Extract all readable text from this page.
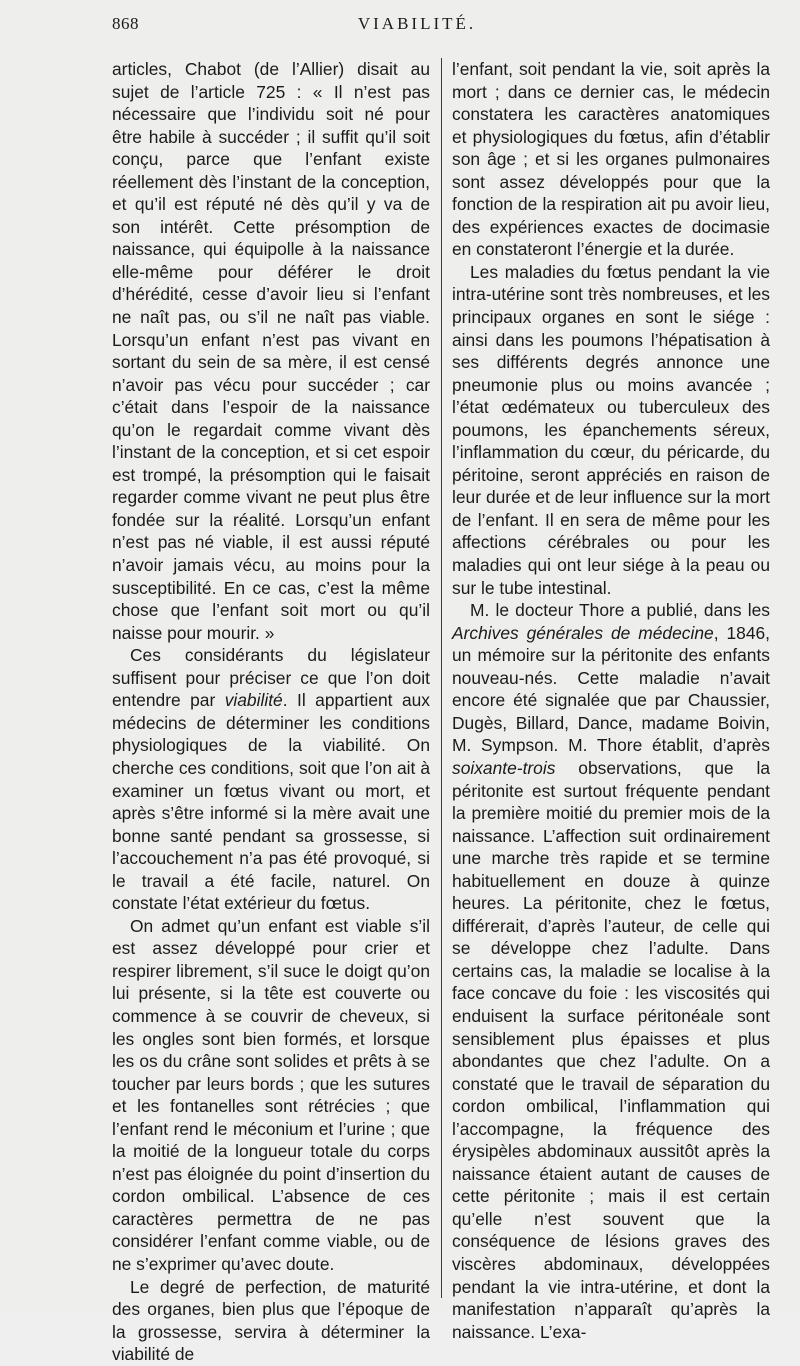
868	VIABILITÉ.

articles, Chabot (de l’Allier) disait au sujet de l’article 725 : « Il n’est pas nécessaire que l’individu soit né pour être habile à succéder ; il suffit qu’il soit conçu, parce que l’enfant existe réellement dès l’instant de la conception, et qu’il est réputé né dès qu’il y va de son intérêt. Cette présomption de naissance, qui équipolle à la naissance elle-même pour déférer le droit d’hérédité, cesse d’avoir lieu si l’enfant ne naît pas, ou s’il ne naît pas viable. Lorsqu’un enfant n’est pas vivant en sortant du sein de sa mère, il est censé n’avoir pas vécu pour succéder ; car c’était dans l’espoir de la naissance qu’on le regardait comme vivant dès l’instant de la conception, et si cet espoir est trompé, la présomption qui le faisait regarder comme vivant ne peut plus être fondée sur la réalité. Lorsqu’un enfant n’est pas né viable, il est aussi réputé n’avoir jamais vécu, au moins pour la susceptibilité. En ce cas, c’est la même chose que l’enfant soit mort ou qu’il naisse pour mourir. »

Ces considérants du législateur suffisent pour préciser ce que l’on doit entendre par viabilité. Il appartient aux médecins de déterminer les conditions physiologiques de la viabilité. On cherche ces conditions, soit que l’on ait à examiner un fœtus vivant ou mort, et après s’être informé si la mère avait une bonne santé pendant sa grossesse, si l’accouchement n’a pas été provoqué, si le travail a été facile, naturel. On constate l’état extérieur du fœtus.

On admet qu’un enfant est viable s’il est assez développé pour crier et respirer librement, s’il suce le doigt qu’on lui présente, si la tête est couverte ou commence à se couvrir de cheveux, si les ongles sont bien formés, et lorsque les os du crâne sont solides et prêts à se toucher par leurs bords ; que les sutures et les fontanelles sont rétrécies ; que l’enfant rend le méconium et l’urine ; que la moitié de la longueur totale du corps n’est pas éloignée du point d’insertion du cordon ombilical. L’absence de ces caractères permettra de ne pas considérer l’enfant comme viable, ou de ne s’exprimer qu’avec doute.

Le degré de perfection, de maturité des organes, bien plus que l’époque de la grossesse, servira à déterminer la viabilité de

l’enfant, soit pendant la vie, soit après la mort ; dans ce dernier cas, le médecin constatera les caractères anatomiques et physiologiques du fœtus, afin d’établir son âge ; et si les organes pulmonaires sont assez développés pour que la fonction de la respiration ait pu avoir lieu, des expériences exactes de docimasie en constateront l’énergie et la durée.

Les maladies du fœtus pendant la vie intra-utérine sont très nombreuses, et les principaux organes en sont le siége : ainsi dans les poumons l’hépatisation à ses différents degrés annonce une pneumonie plus ou moins avancée ; l’état œdémateux ou tuberculeux des poumons, les épanchements séreux, l’inflammation du cœur, du péricarde, du péritoine, seront appréciés en raison de leur durée et de leur influence sur la mort de l’enfant. Il en sera de même pour les affections cérébrales ou pour les maladies qui ont leur siége à la peau ou sur le tube intestinal.

M. le docteur Thore a publié, dans les Archives générales de médecine, 1846, un mémoire sur la péritonite des enfants nouveau-nés. Cette maladie n’avait encore été signalée que par Chaussier, Dugès, Billard, Dance, madame Boivin, M. Sympson. M. Thore établit, d’après soixante-trois observations, que la péritonite est surtout fréquente pendant la première moitié du premier mois de la naissance. L’affection suit ordinairement une marche très rapide et se termine habituellement en douze à quinze heures. La péritonite, chez le fœtus, différerait, d’après l’auteur, de celle qui se développe chez l’adulte. Dans certains cas, la maladie se localise à la face concave du foie : les viscosités qui enduisent la surface péritonéale sont sensiblement plus épaisses et plus abondantes que chez l’adulte. On a constaté que le travail de séparation du cordon ombilical, l’inflammation qui l’accompagne, la fréquence des érysipèles abdominaux aussitôt après la naissance étaient autant de causes de cette péritonite ; mais il est certain qu’elle n’est souvent que la conséquence de lésions graves des viscères abdominaux, développées pendant la vie intra-utérine, et dont la manifestation n’apparaît qu’après la naissance. L’exa-
